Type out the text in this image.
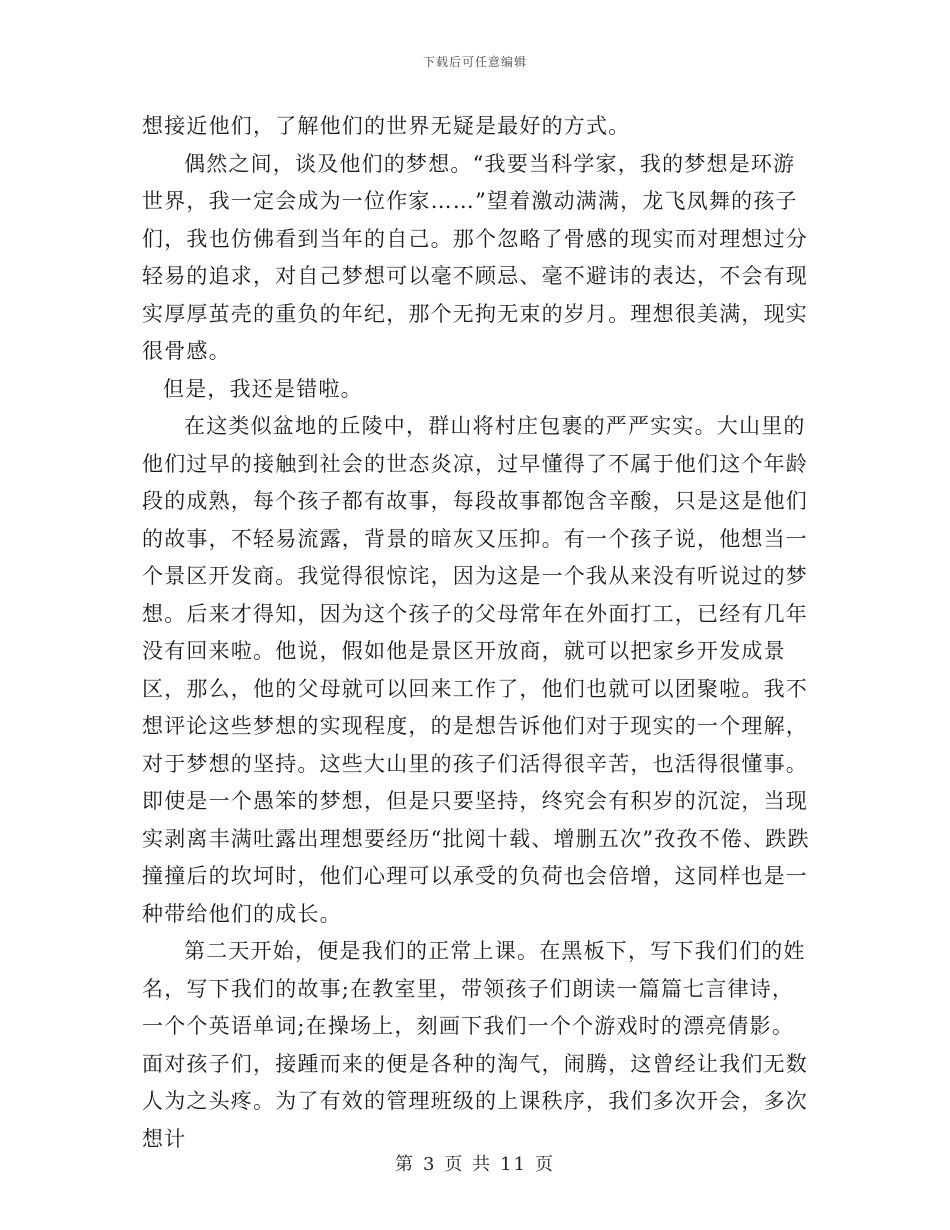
下载后可任意编辑

想接近他们，了解他们的世界无疑是最好的方式。

偶然之间，谈及他们的梦想。“我要当科学家，我的梦想是环游世界，我一定会成为一位作家……”望着激动满满，龙飞凤舞的孩子们，我也仿佛看到当年的自己。那个忽略了骨感的现实而对理想过分轻易的追求，对自己梦想可以毫不顾忌、毫不避讳的表达，不会有现实厚厚茧壳的重负的年纪，那个无拘无束的岁月。理想很美满，现实很骨感。

但是，我还是错啦。

在这类似盆地的丘陵中，群山将村庄包裹的严严实实。大山里的他们过早的接触到社会的世态炎凉，过早懂得了不属于他们这个年龄段的成熟，每个孩子都有故事，每段故事都饱含辛酸，只是这是他们的故事，不轻易流露，背景的暗灰又压抑。有一个孩子说，他想当一个景区开发商。我觉得很惊诧，因为这是一个我从来没有听说过的梦想。后来才得知，因为这个孩子的父母常年在外面打工，已经有几年没有回来啦。他说，假如他是景区开放商，就可以把家乡开发成景区，那么，他的父母就可以回来工作了，他们也就可以团聚啦。我不想评论这些梦想的实现程度，的是想告诉他们对于现实的一个理解，对于梦想的坚持。这些大山里的孩子们活得很辛苦，也活得很懂事。即使是一个愚笨的梦想，但是只要坚持，终究会有积岁的沉淀，当现实剥离丰满吐露出理想要经历“批阅十载、增删五次”孜孜不倦、跌跌撞撞后的坎坷时，他们心理可以承受的负荷也会倍增，这同样也是一种带给他们的成长。

第二天开始，便是我们的正常上课。在黑板下，写下我们们的姓名，写下我们的故事;在教室里，带领孩子们朗读一篇篇七言律诗，一个个英语单词;在操场上，刻画下我们一个个游戏时的漂亮倩影。面对孩子们，接踵而来的便是各种的淘气，闹腾，这曾经让我们无数人为之头疼。为了有效的管理班级的上课秩序，我们多次开会，多次想计

第 3 页 共 11 页
